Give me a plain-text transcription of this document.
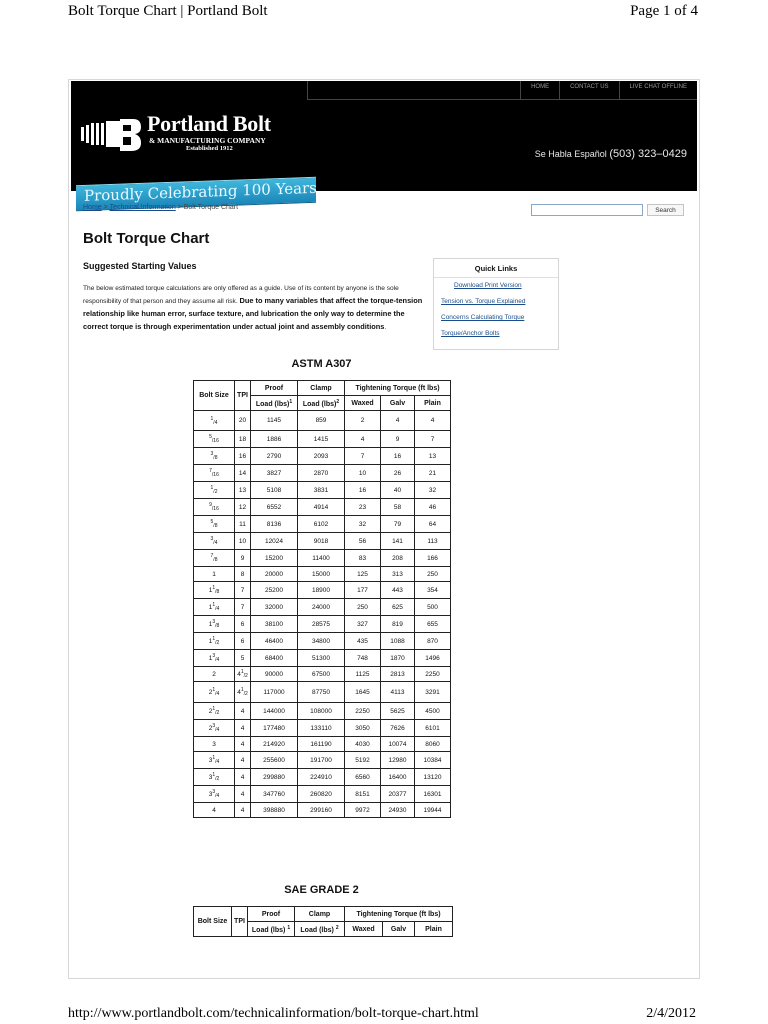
Bolt Torque Chart | Portland Bolt	Page 1 of 4
HOME	CONTACT US	LIVE CHAT OFFLINE
Portland Bolt
& MANUFACTURING COMPANY
Established 1912
Proudly Celebrating 100 Years
Se Habla Español (503) 323–0429
Home > Technical Information > Bolt Torque Chart	Search
Bolt Torque Chart
Suggested Starting Values
The below estimated torque calculations are only offered as a guide. Use of its content by anyone is the sole responsibility of that person and they assume all risk. Due to many variables that affect the torque-tension relationship like human error, surface texture, and lubrication the only way to determine the correct torque is through experimentation under actual joint and assembly conditions.
Quick Links
Download Print Version
Tension vs. Torque Explained
Concerns Calculating Torque
Torque/Anchor Bolts
ASTM A307
Bolt Size	TPI	Proof	Clamp	Tightening Torque (ft lbs)		
		Load (lbs)$^1$	Load (lbs)$^2$	Waxed	Galv	Plain
$^1_{/4}$	20	1145	859	2	4	4
$^5_{/16}$	18	1886	1415	4	9	7
$^3_{/8}$	16	2790	2093	7	16	13
$^7_{/16}$	14	3827	2870	10	26	21
$^1_{/2}$	13	5108	3831	16	40	32
$^9_{/16}$	12	6552	4914	23	58	46
$^5_{/8}$	11	8136	6102	32	79	64
$^3_{/4}$	10	12024	9018	56	141	113
$^7_{/8}$	9	15200	11400	83	208	166
1	8	20000	15000	125	313	250
$1^1_{/8}$	7	25200	18900	177	443	354
$1^1_{/4}$	7	32000	24000	250	625	500
$1^3_{/8}$	6	38100	28575	327	819	655
$1^1_{/2}$	6	46400	34800	435	1088	870
$1^3_{/4}$	5	68400	51300	748	1870	1496
2	$4^1_{/2}$	90000	67500	1125	2813	2250
$2^1_{/4}$	$4^1_{/2}$	117000	87750	1645	4113	3291
$2^1_{/2}$	4	144000	108000	2250	5625	4500
$2^3_{/4}$	4	177480	133110	3050	7626	6101
3	4	214920	161190	4030	10074	8060
$3^1_{/4}$	4	255600	191700	5192	12980	10384
$3^1_{/2}$	4	299880	224910	6560	16400	13120
$3^3_{/4}$	4	347760	260820	8151	20377	16301
4	4	398880	299160	9972	24930	19944
SAE GRADE 2
Bolt Size	TPI	Proof	Clamp	Tightening Torque (ft lbs)		
		Load (lbs) $^1$	Load (lbs) $^2$	Waxed	Galv	Plain
http://www.portlandbolt.com/technicalinformation/bolt-torque-chart.html	2/4/2012
